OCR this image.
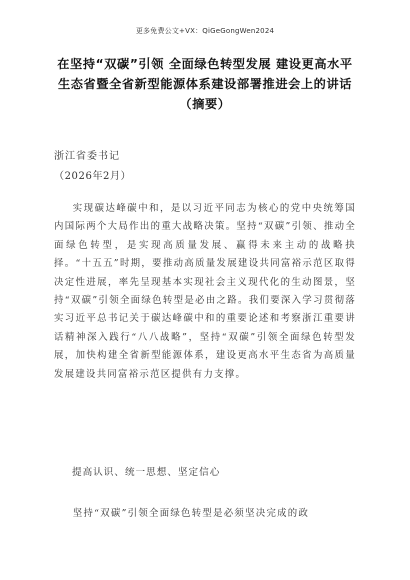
更多免费公文+VX：QiGeGongWen2024
在坚持“双碳”引领 全面绿色转型发展 建设更高水平生态省暨全省新型能源体系建设部署推进会上的讲话（摘要）
浙江省委书记
（2026年2月）

实现碳达峰碳中和，是以习近平同志为核心的党中央统筹国内国际两个大局作出的重大战略决策。坚持“双碳”引领、推动全面绿色转型，是实现高质量发展、赢得未来主动的战略抉择。“十五五”时期，要推动高质量发展建设共同富裕示范区取得决定性进展，率先呈现基本实现社会主义现代化的生动图景，坚持“双碳”引领全面绿色转型是必由之路。我们要深入学习贯彻落实习近平总书记关于碳达峰碳中和的重要论述和考察浙江重要讲话精神深入践行“八八战略”，坚持“双碳”引领全面绿色转型发展，加快构建全省新型能源体系，建设更高水平生态省为高质量发展建设共同富裕示范区提供有力支撑。

提高认识、统一思想、坚定信心

坚持“双碳”引领全面绿色转型是必须坚决完成的政
